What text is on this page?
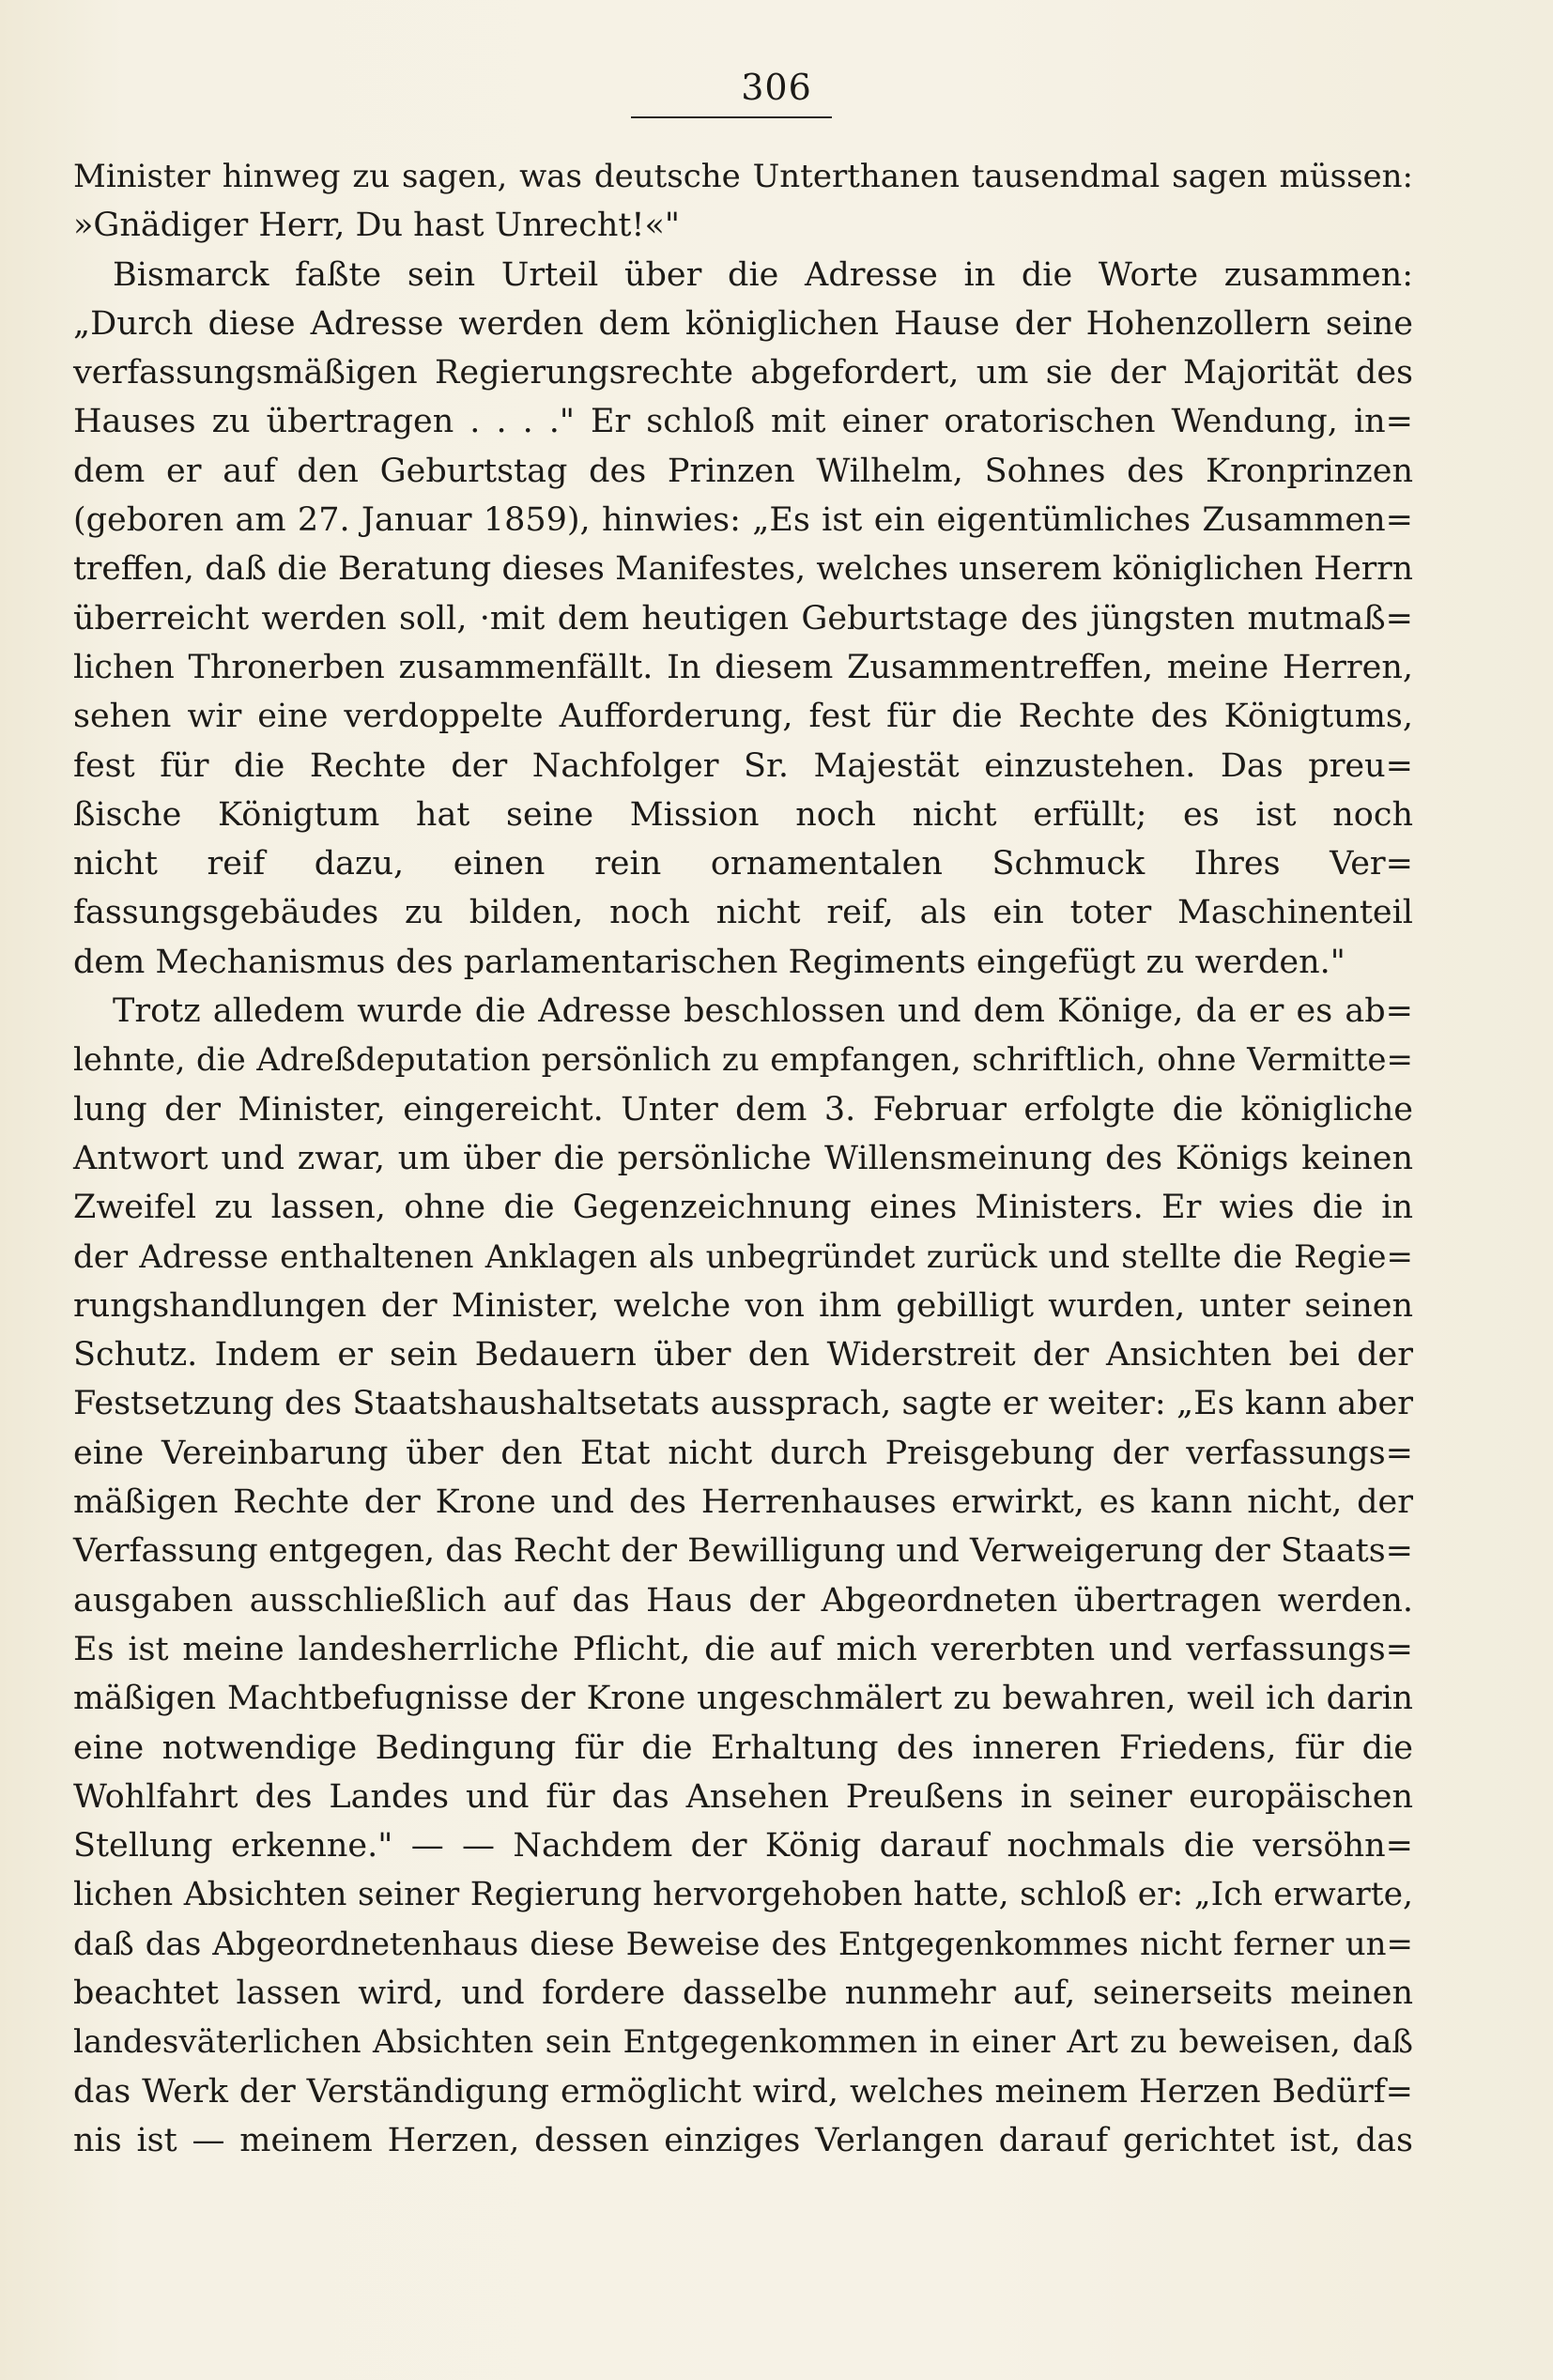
306
Minister hinweg zu sagen, was deutsche Unterthanen tausendmal sagen müssen:
»Gnädiger Herr, Du hast Unrecht!«"
Bismarck faßte sein Urteil über die Adresse in die Worte zusammen:
„Durch diese Adresse werden dem königlichen Hause der Hohenzollern seine
verfassungsmäßigen Regierungsrechte abgefordert, um sie der Majorität des
Hauses zu übertragen . . . ." Er schloß mit einer oratorischen Wendung, in=
dem er auf den Geburtstag des Prinzen Wilhelm, Sohnes des Kronprinzen
(geboren am 27. Januar 1859), hinwies: „Es ist ein eigentümliches Zusammen=
treffen, daß die Beratung dieses Manifestes, welches unserem königlichen Herrn
überreicht werden soll, ·mit dem heutigen Geburtstage des jüngsten mutmaß=
lichen Thronerben zusammenfällt. In diesem Zusammentreffen, meine Herren,
sehen wir eine verdoppelte Aufforderung, fest für die Rechte des Königtums,
fest für die Rechte der Nachfolger Sr. Majestät einzustehen. Das preu=
ßische Königtum hat seine Mission noch nicht erfüllt; es ist noch
nicht reif dazu, einen rein ornamentalen Schmuck Ihres Ver=
fassungsgebäudes zu bilden, noch nicht reif, als ein toter Maschinenteil
dem Mechanismus des parlamentarischen Regiments eingefügt zu werden."
Trotz alledem wurde die Adresse beschlossen und dem Könige, da er es ab=
lehnte, die Adreßdeputation persönlich zu empfangen, schriftlich, ohne Vermitte=
lung der Minister, eingereicht. Unter dem 3. Februar erfolgte die königliche
Antwort und zwar, um über die persönliche Willensmeinung des Königs keinen
Zweifel zu lassen, ohne die Gegenzeichnung eines Ministers. Er wies die in
der Adresse enthaltenen Anklagen als unbegründet zurück und stellte die Regie=
rungshandlungen der Minister, welche von ihm gebilligt wurden, unter seinen
Schutz. Indem er sein Bedauern über den Widerstreit der Ansichten bei der
Festsetzung des Staatshaushaltsetats aussprach, sagte er weiter: „Es kann aber
eine Vereinbarung über den Etat nicht durch Preisgebung der verfassungs=
mäßigen Rechte der Krone und des Herrenhauses erwirkt, es kann nicht, der
Verfassung entgegen, das Recht der Bewilligung und Verweigerung der Staats=
ausgaben ausschließlich auf das Haus der Abgeordneten übertragen werden.
Es ist meine landesherrliche Pflicht, die auf mich vererbten und verfassungs=
mäßigen Machtbefugnisse der Krone ungeschmälert zu bewahren, weil ich darin
eine notwendige Bedingung für die Erhaltung des inneren Friedens, für die
Wohlfahrt des Landes und für das Ansehen Preußens in seiner europäischen
Stellung erkenne." — — Nachdem der König darauf nochmals die versöhn=
lichen Absichten seiner Regierung hervorgehoben hatte, schloß er: „Ich erwarte,
daß das Abgeordnetenhaus diese Beweise des Entgegenkommes nicht ferner un=
beachtet lassen wird, und fordere dasselbe nunmehr auf, seinerseits meinen
landesväterlichen Absichten sein Entgegenkommen in einer Art zu beweisen, daß
das Werk der Verständigung ermöglicht wird, welches meinem Herzen Bedürf=
nis ist — meinem Herzen, dessen einziges Verlangen darauf gerichtet ist, das
